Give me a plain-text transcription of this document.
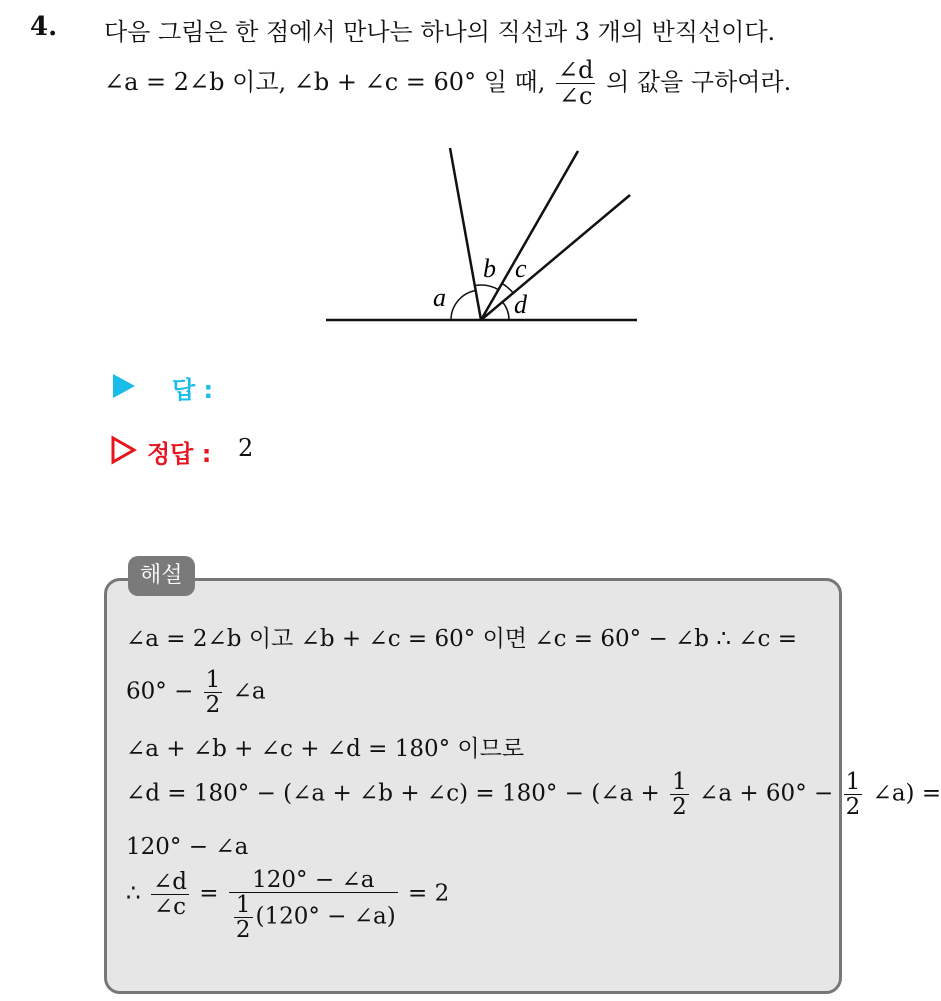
4. 다음 그림은 한 점에서 만나는 하나의 직선과 3 개의 반직선이다.
∠a = 2∠b 이고, ∠b + ∠c = 60° 일 때, $\frac{\angle d}{\angle c}$ 의 값을 구하여라.
a
b c
d
답 :
정답 : 2
해설
∠a = 2∠b 이고 ∠b + ∠c = 60° 이면 ∠c = 60° − ∠b ∴ ∠c =
$60^\circ - \frac{1}{2}$ ∠a
∠a + ∠b + ∠c + ∠d = 180° 이므로
∠d = 180° − (∠a + ∠b + ∠c) = 180° − (∠a + $\frac{1}{2}$ ∠a + $60^\circ - \frac{1}{2}$ ∠a) =
120° − ∠a
∴ $\frac{\angle d}{\angle c} = \frac{120^\circ - \angle a}{\frac{1}{2} (120^\circ - \angle a)} = 2$
